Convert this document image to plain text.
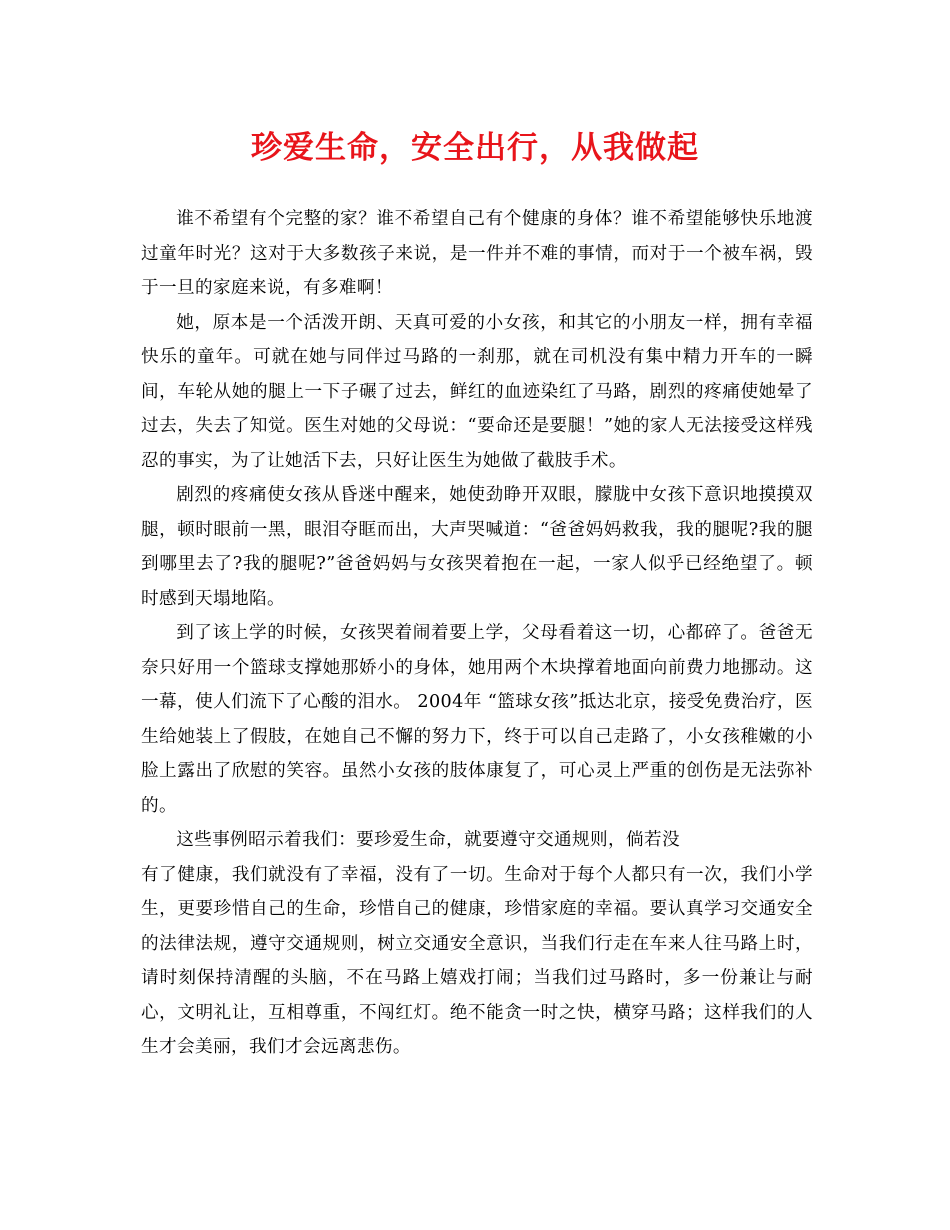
珍爱生命，安全出行，从我做起

谁不希望有个完整的家？谁不希望自己有个健康的身体？谁不希望能够快乐地渡过童年时光？这对于大多数孩子来说，是一件并不难的事情，而对于一个被车祸，毁于一旦的家庭来说，有多难啊！

她，原本是一个活泼开朗、天真可爱的小女孩，和其它的小朋友一样，拥有幸福快乐的童年。可就在她与同伴过马路的一刹那，就在司机没有集中精力开车的一瞬间，车轮从她的腿上一下子碾了过去，鲜红的血迹染红了马路，剧烈的疼痛使她晕了过去，失去了知觉。医生对她的父母说：“要命还是要腿！”她的家人无法接受这样残忍的事实，为了让她活下去，只好让医生为她做了截肢手术。

剧烈的疼痛使女孩从昏迷中醒来，她使劲睁开双眼，朦胧中女孩下意识地摸摸双腿，顿时眼前一黑，眼泪夺眶而出，大声哭喊道：“爸爸妈妈救我，我的腿呢?我的腿到哪里去了?我的腿呢?”爸爸妈妈与女孩哭着抱在一起，一家人似乎已经绝望了。顿时感到天塌地陷。

到了该上学的时候，女孩哭着闹着要上学，父母看着这一切，心都碎了。爸爸无奈只好用一个篮球支撑她那娇小的身体，她用两个木块撑着地面向前费力地挪动。这一幕，使人们流下了心酸的泪水。 2004年 “篮球女孩”抵达北京，接受免费治疗，医生给她装上了假肢，在她自己不懈的努力下，终于可以自己走路了，小女孩稚嫩的小脸上露出了欣慰的笑容。虽然小女孩的肢体康复了，可心灵上严重的创伤是无法弥补的。

这些事例昭示着我们：要珍爱生命，就要遵守交通规则，倘若没

有了健康，我们就没有了幸福，没有了一切。生命对于每个人都只有一次，我们小学生，更要珍惜自己的生命，珍惜自己的健康，珍惜家庭的幸福。要认真学习交通安全的法律法规，遵守交通规则，树立交通安全意识，当我们行走在车来人往马路上时，请时刻保持清醒的头脑，不在马路上嬉戏打闹；当我们过马路时，多一份兼让与耐心，文明礼让，互相尊重，不闯红灯。绝不能贪一时之快，横穿马路；这样我们的人生才会美丽，我们才会远离悲伤。
